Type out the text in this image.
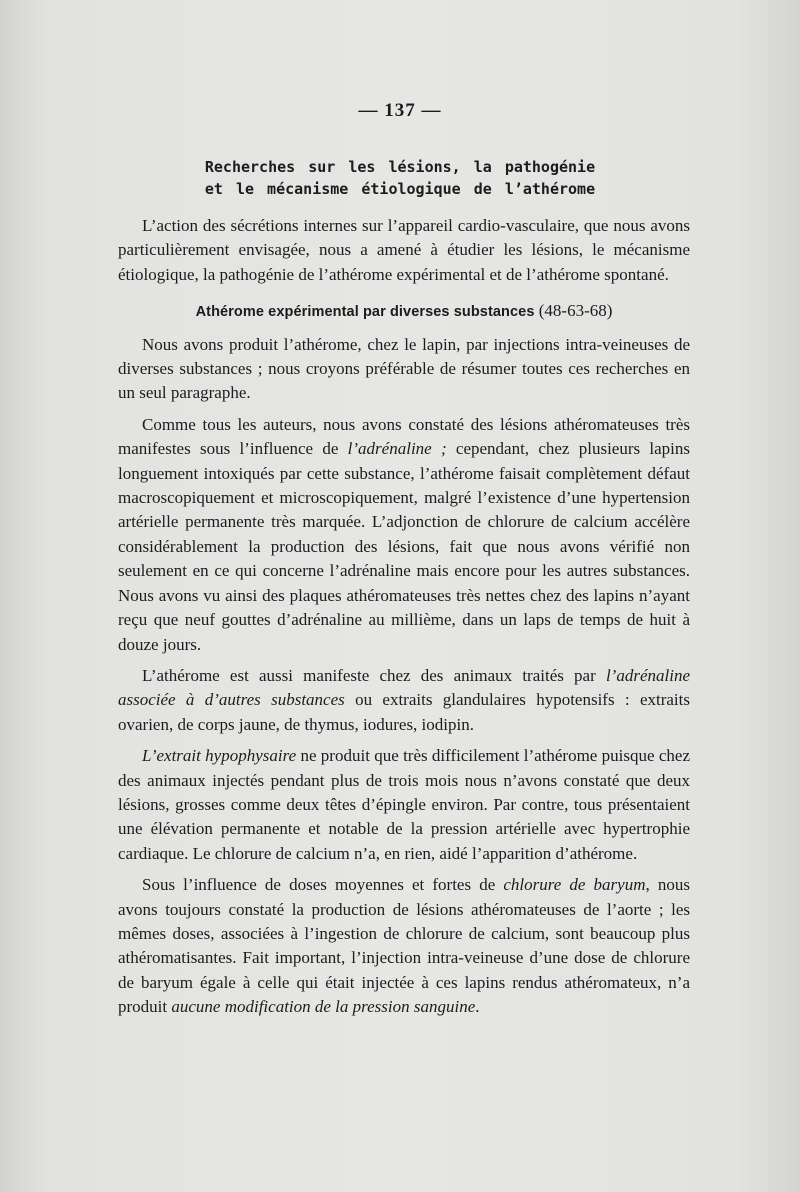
— 137 —
Recherches sur les lésions, la pathogénie
et le mécanisme étiologique de l’athérome

L’action des sécrétions internes sur l’appareil cardio-vasculaire, que nous avons particulièrement envisagée, nous a amené à étudier les lésions, le mécanisme étiologique, la pathogénie de l’athérome expérimental et de l’athérome spontané.

Athérome expérimental par diverses substances (48-63-68)

Nous avons produit l’athérome, chez le lapin, par injections intra-veineuses de diverses substances ; nous croyons préférable de résumer toutes ces recherches en un seul paragraphe.

Comme tous les auteurs, nous avons constaté des lésions athéromateuses très manifestes sous l’influence de l’adrénaline ; cependant, chez plusieurs lapins longuement intoxiqués par cette substance, l’athérome faisait complètement défaut macroscopiquement et microscopiquement, malgré l’existence d’une hypertension artérielle permanente très marquée. L’adjonction de chlorure de calcium accélère considérablement la production des lésions, fait que nous avons vérifié non seulement en ce qui concerne l’adrénaline mais encore pour les autres substances. Nous avons vu ainsi des plaques athéromateuses très nettes chez des lapins n’ayant reçu que neuf gouttes d’adrénaline au millième, dans un laps de temps de huit à douze jours.

L’athérome est aussi manifeste chez des animaux traités par l’adrénaline associée à d’autres substances ou extraits glandulaires hypotensifs : extraits ovarien, de corps jaune, de thymus, iodures, iodipin.

L’extrait hypophysaire ne produit que très difficilement l’athérome puisque chez des animaux injectés pendant plus de trois mois nous n’avons constaté que deux lésions, grosses comme deux têtes d’épingle environ. Par contre, tous présentaient une élévation permanente et notable de la pression artérielle avec hypertrophie cardiaque. Le chlorure de calcium n’a, en rien, aidé l’apparition d’athérome.

Sous l’influence de doses moyennes et fortes de chlorure de baryum, nous avons toujours constaté la production de lésions athéromateuses de l’aorte ; les mêmes doses, associées à l’ingestion de chlorure de calcium, sont beaucoup plus athéromatisantes. Fait important, l’injection intra-veineuse d’une dose de chlorure de baryum égale à celle qui était injectée à ces lapins rendus athéromateux, n’a produit aucune modification de la pression sanguine.
